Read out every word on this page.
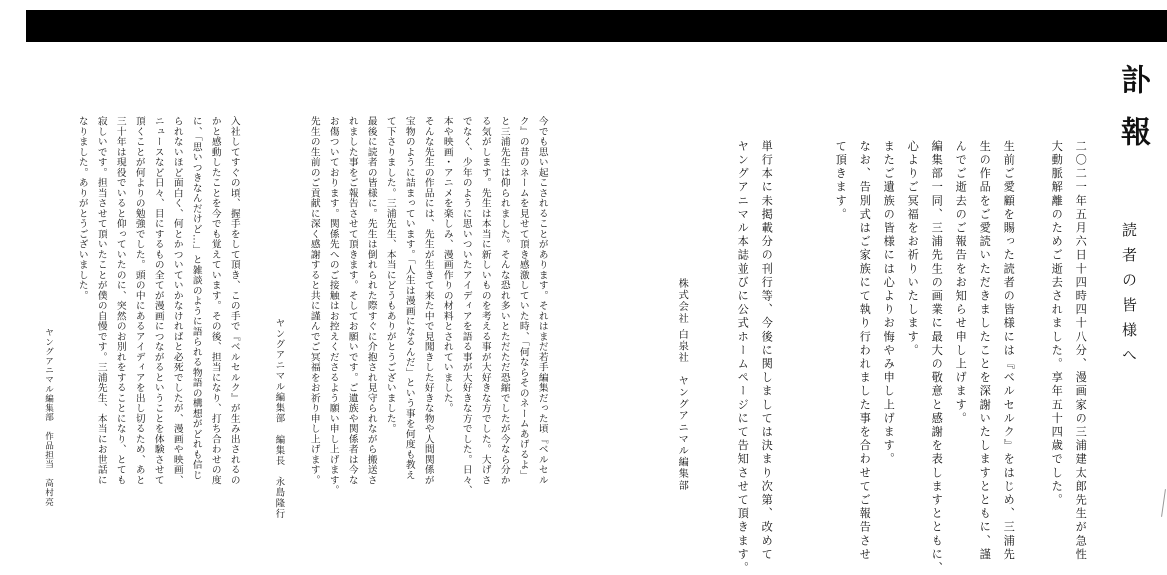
訃報
読者の皆様へ
二〇二一年五月六日十四時四十八分、漫画家の三浦建太郎先生が急性
大動脈解離のためご逝去されました。享年五十四歳でした。
生前ご愛顧を賜った読者の皆様には『ベルセルク』をはじめ、三浦先
生の作品をご愛読いただきましたことを深謝いたしますとともに、謹
んでご逝去のご報告をお知らせ申し上げます。
編集部一同、三浦先生の画業に最大の敬意と感謝を表しますとともに、
心よりご冥福をお祈りいたします。
またご遺族の皆様には心よりお悔やみ申し上げます。
なお、告別式はご家族にて執り行われました事を合わせてご報告させ
て頂きます。
単行本に未掲載分の刊行等、今後に関しましては決まり次第、改めて
ヤングアニマル本誌並びに公式ホームページにて告知させて頂きます。
株式会社 白泉社　ヤングアニマル編集部
今でも思い起こされることがあります。それはまだ若手編集だった頃『ベルセル
ク』の昔のネームを見せて頂き感激していた時、「何ならそのネームあげるよ」
と三浦先生は仰られました。そんな恐れ多いとただただ恐縮でしたが今なら分か
る気がします。先生は本当に新しいものを考える事が大好きな方でした。大げさ
でなく、少年のように思いついたアイディアを語る事が大好きな方でした。日々、
本や映画・アニメを楽しみ、漫画作りの材料とされていました。
そんな先生の作品には、先生が生きて来た中で見聞きした好きな物や人間関係が
宝物のように詰まっています。「人生は漫画になるんだ」という事を何度も教え
て下さりました。三浦先生、本当にどうもありがとうございました。
最後に読者の皆様に。先生は倒れられた際すぐに介抱され見守られながら搬送さ
れました事をご報告させて頂きます。そしてお願いです。ご遺族や関係者は今な
お傷ついております。関係先へのご接触はお控えくださるよう願い申し上げます。
先生の生前のご貢献に深く感謝すると共に謹んでご冥福をお祈り申し上げます。
ヤングアニマル編集部　編集長　永島隆行
入社してすぐの頃、握手をして頂き、この手で『ベルセルク』が生み出されるの
かと感動したことを今でも覚えています。その後、担当になり、打ち合わせの度
に、「思いつきなんだけど…」と雑談のように語られる物語の構想がどれも信じ
られないほど面白く、何とかついていかなければと必死でしたが、漫画や映画、
ニュースなど日々、目にするもの全てが漫画につながるということを体験させて
頂くことが何よりの勉強でした。頭の中にあるアイディアを出し切るため、あと
三十年は現役でいると仰っていたのに、突然のお別れをすることになり、とても
寂しいです。担当させて頂いたことが僕の自慢です。三浦先生、本当にお世話に
なりました。ありがとうございました。
ヤングアニマル編集部　作品担当　高村亮
